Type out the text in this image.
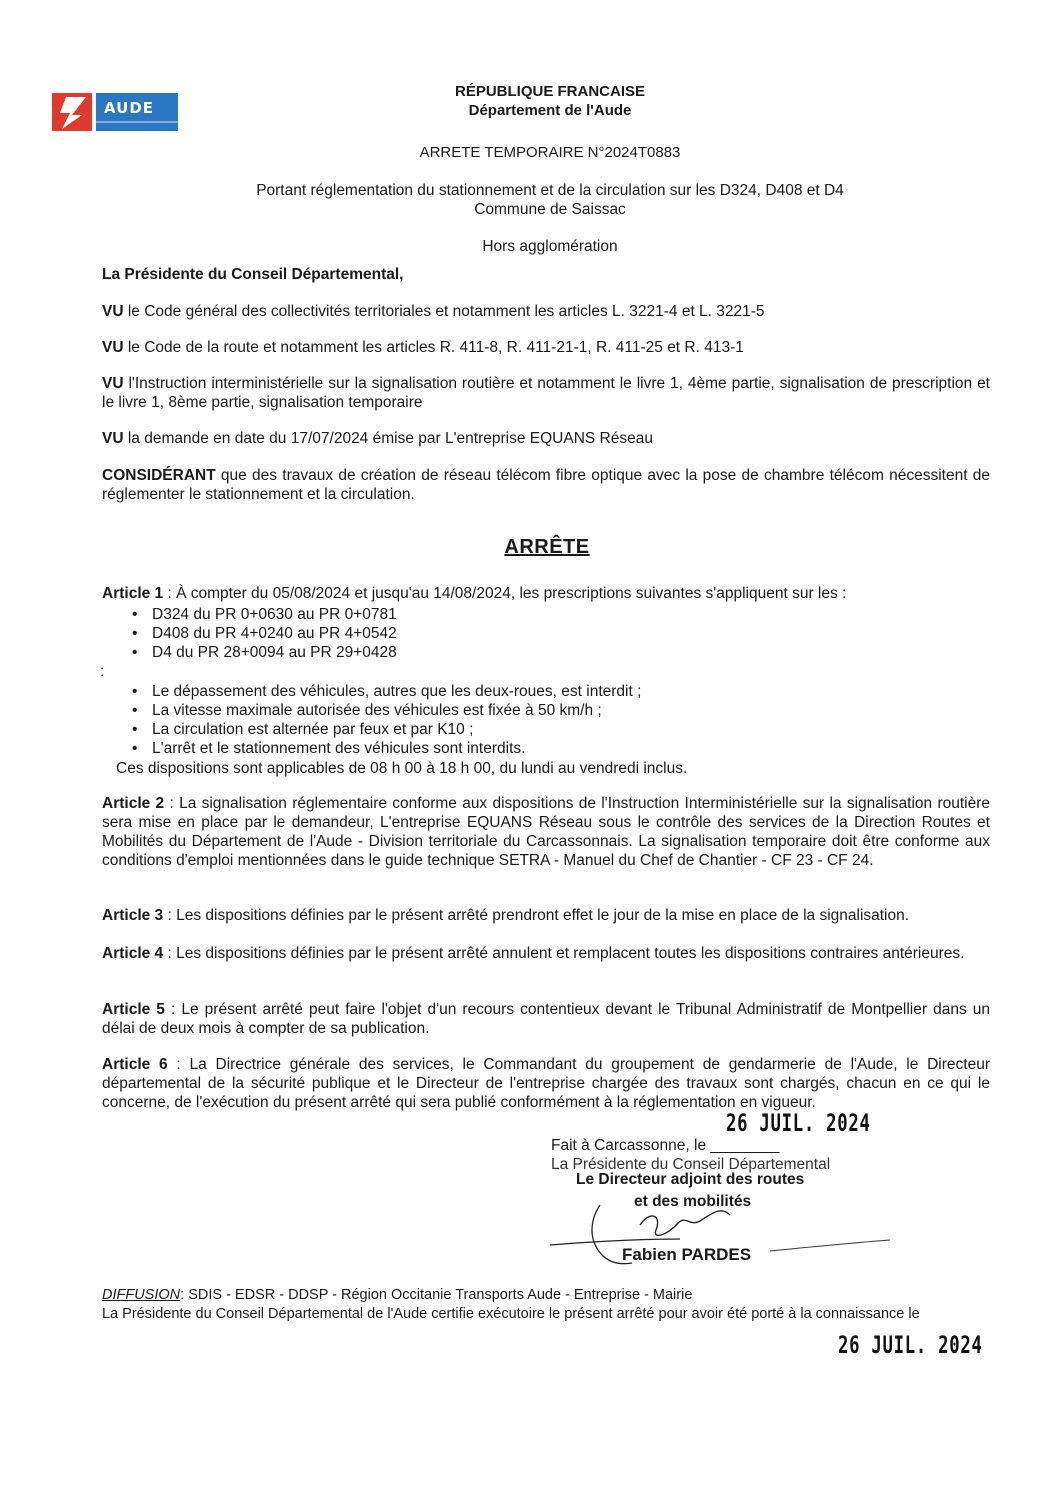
AUDE
RÉPUBLIQUE FRANCAISE
Département de l'Aude
ARRETE TEMPORAIRE N°2024T0883
Portant réglementation du stationnement et de la circulation sur les D324, D408 et D4
Commune de Saissac
Hors agglomération
La Présidente du Conseil Départemental,
VU le Code général des collectivités territoriales et notamment les articles L. 3221-4 et L. 3221-5
VU le Code de la route et notamment les articles R. 411-8, R. 411-21-1, R. 411-25 et R. 413-1
VU l'Instruction interministérielle sur la signalisation routière et notamment le livre 1, 4ème partie, signalisation de prescription et le livre 1, 8ème partie, signalisation temporaire
VU la demande en date du 17/07/2024 émise par L'entreprise EQUANS Réseau
CONSIDÉRANT que des travaux de création de réseau télécom fibre optique avec la pose de chambre télécom nécessitent de réglementer le stationnement et la circulation.
ARRÊTE
Article 1 : À compter du 05/08/2024 et jusqu'au 14/08/2024, les prescriptions suivantes s'appliquent sur les :
• D324 du PR 0+0630 au PR 0+0781
• D408 du PR 4+0240 au PR 4+0542
• D4 du PR 28+0094 au PR 29+0428
:
• Le dépassement des véhicules, autres que les deux-roues, est interdit ;
• La vitesse maximale autorisée des véhicules est fixée à 50 km/h ;
• La circulation est alternée par feux et par K10 ;
• L'arrêt et le stationnement des véhicules sont interdits.
Ces dispositions sont applicables de 08 h 00 à 18 h 00, du lundi au vendredi inclus.
Article 2 : La signalisation réglementaire conforme aux dispositions de l'Instruction Interministérielle sur la signalisation routière sera mise en place par le demandeur, L'entreprise EQUANS Réseau sous le contrôle des services de la Direction Routes et Mobilités du Département de l'Aude - Division territoriale du Carcassonnais. La signalisation temporaire doit être conforme aux conditions d'emploi mentionnées dans le guide technique SETRA - Manuel du Chef de Chantier - CF 23 - CF 24.
Article 3 : Les dispositions définies par le présent arrêté prendront effet le jour de la mise en place de la signalisation.
Article 4 : Les dispositions définies par le présent arrêté annulent et remplacent toutes les dispositions contraires antérieures.
Article 5 : Le présent arrêté peut faire l'objet d'un recours contentieux devant le Tribunal Administratif de Montpellier dans un délai de deux mois à compter de sa publication.
Article 6 : La Directrice générale des services, le Commandant du groupement de gendarmerie de l'Aude, le Directeur départemental de la sécurité publique et le Directeur de l'entreprise chargée des travaux sont chargés, chacun en ce qui le concerne, de l'exécution du présent arrêté qui sera publié conformément à la réglementation en vigueur.
26 JUIL. 2024
Fait à Carcassonne, le ________
La Présidente du Conseil Départemental
Le Directeur adjoint des routes
et des mobilités
Fabien PARDES
DIFFUSION: SDIS - EDSR - DDSP - Région Occitanie Transports Aude - Entreprise - Mairie
La Présidente du Conseil Départemental de l'Aude certifie exécutoire le présent arrêté pour avoir été porté à la connaissance le
26 JUIL. 2024
